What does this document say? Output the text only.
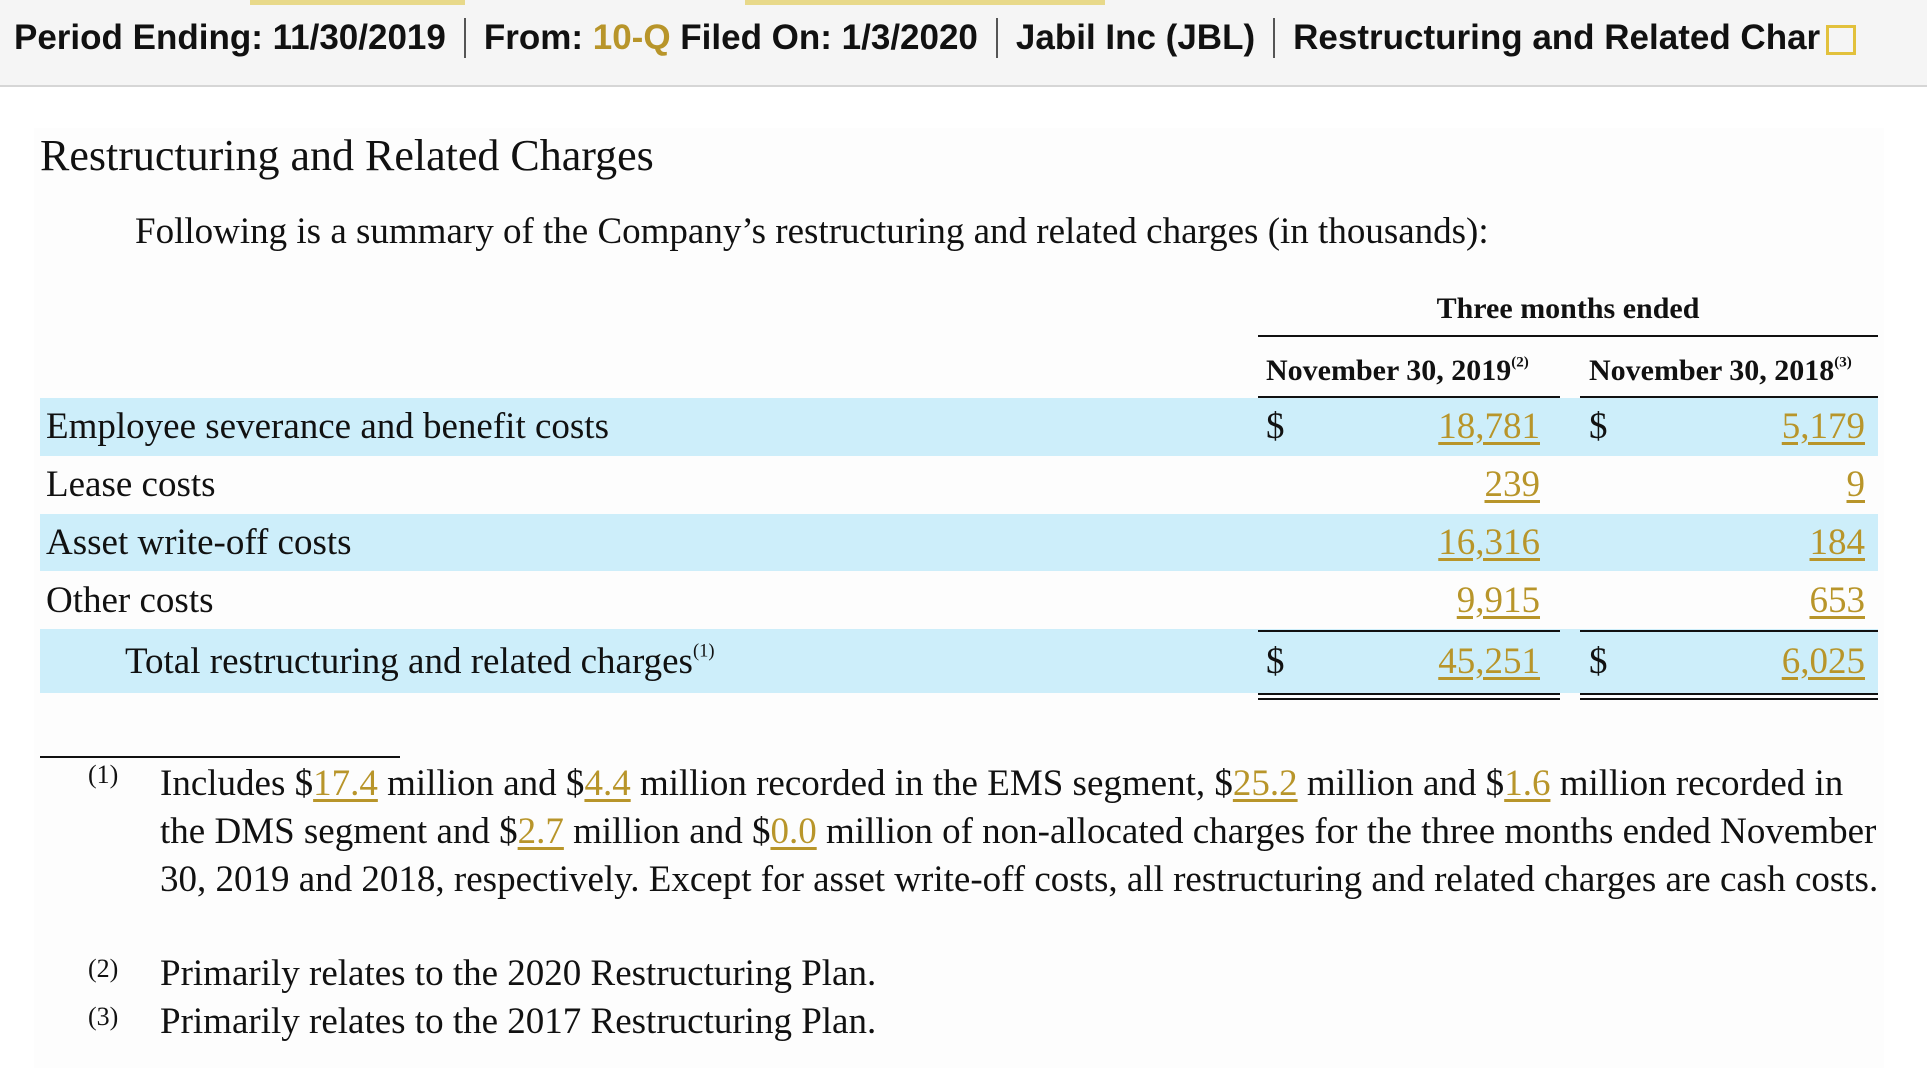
Period Ending: 11/30/2019 From: 10-Q Filed On: 1/3/2020 Jabil Inc (JBL) Restructuring and Related Char
Restructuring and Related Charges
Following is a summary of the Company’s restructuring and related charges (in thousands):
Three months ended
November 30, 2019$^{(2)}$ November 30, 2018$^{(3)}$
Employee severance and benefit costs	$	18,781 $	5,179
Lease costs	239	9
Asset write-off costs	16,316	184
Other costs	9,915	653
Total restructuring and related charges$^{(1)}$	$	45,251 $	6,025
(1) Includes $17.4 million and $4.4 million recorded in the EMS segment, $25.2 million and $1.6 million recorded in the DMS segment and $2.7 million and $0.0 million of non-allocated charges for the three months ended November 30, 2019 and 2018, respectively. Except for asset write-off costs, all restructuring and related charges are cash costs.
(2) Primarily relates to the 2020 Restructuring Plan.
(3) Primarily relates to the 2017 Restructuring Plan.
